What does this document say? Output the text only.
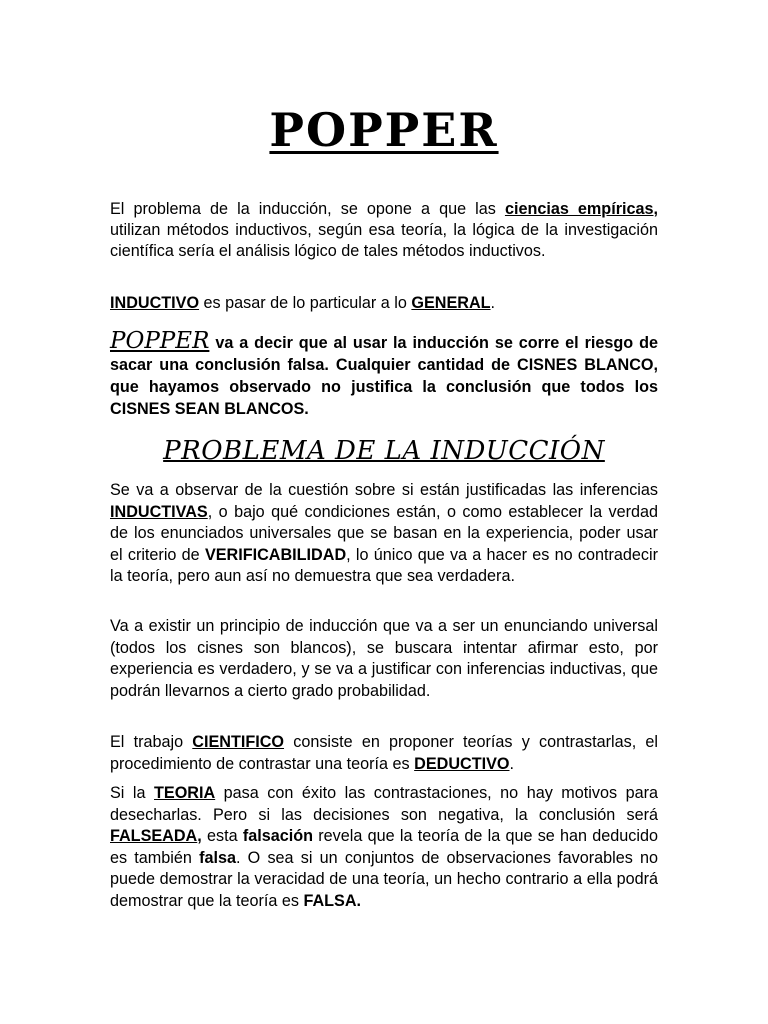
POPPER

El problema de la inducción, se opone a que las ciencias empíricas, utilizan métodos inductivos, según esa teoría, la lógica de la investigación científica sería el análisis lógico de tales métodos inductivos.

INDUCTIVO es pasar de lo particular a lo GENERAL.

POPPER va a decir que al usar la inducción se corre el riesgo de sacar una conclusión falsa. Cualquier cantidad de CISNES BLANCO, que hayamos observado no justifica la conclusión que todos los CISNES SEAN BLANCOS.

PROBLEMA DE LA INDUCCIÓN

Se va a observar de la cuestión sobre si están justificadas las inferencias INDUCTIVAS, o bajo qué condiciones están, o como establecer la verdad de los enunciados universales que se basan en la experiencia, poder usar el criterio de VERIFICABILIDAD, lo único que va a hacer es no contradecir la teoría, pero aun así no demuestra que sea verdadera.

Va a existir un principio de inducción que va a ser un enunciando universal (todos los cisnes son blancos), se buscara intentar afirmar esto, por experiencia es verdadero, y se va a justificar con inferencias inductivas, que podrán llevarnos a cierto grado probabilidad.

El trabajo CIENTIFICO consiste en proponer teorías y contrastarlas, el procedimiento de contrastar una teoría es DEDUCTIVO.

Si la TEORIA pasa con éxito las contrastaciones, no hay motivos para desecharlas. Pero si las decisiones son negativa, la conclusión será FALSEADA, esta falsación revela que la teoría de la que se han deducido es también falsa. O sea si un conjuntos de observaciones favorables no puede demostrar la veracidad de una teoría, un hecho contrario a ella podrá demostrar que la teoría es FALSA.
